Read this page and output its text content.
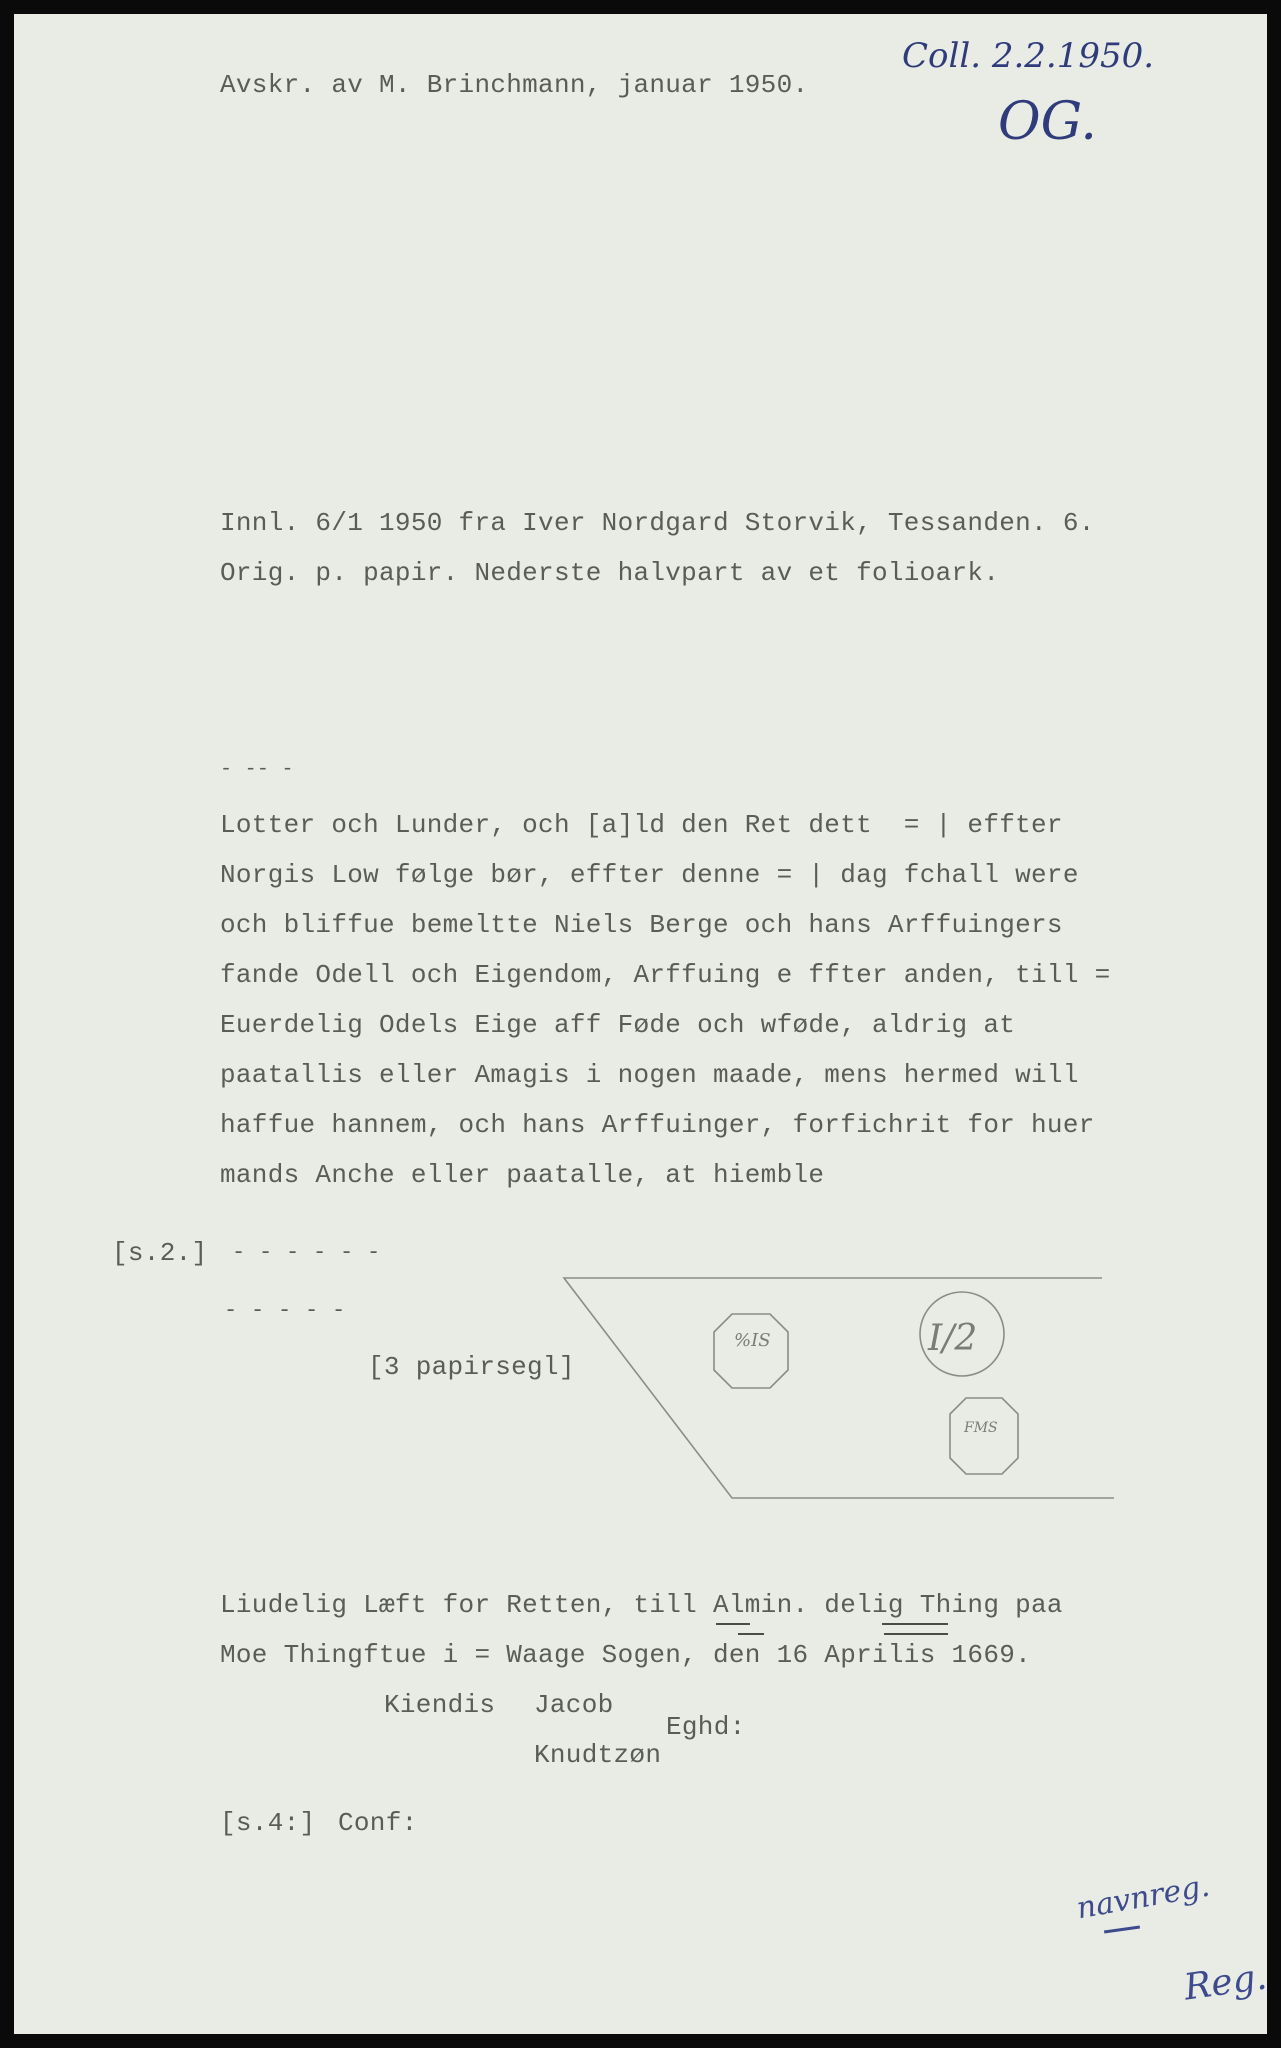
Avskr. av M. Brinchmann, januar 1950.
Coll. 2.2.1950.
OG.
Innl. 6/1 1950 fra Iver Nordgard Storvik, Tessanden. 6.
Orig. p. papir. Nederste halvpart av et folioark.
- -- -
Lotter och Lunder, och [a]ld den Ret dett  = | effter
Norgis Low følge bør, effter denne = | dag fchall were
och bliffue bemeltte Niels Berge och hans Arffuingers
fande Odell och Eigendom, Arffuing e ffter anden, till =
Euerdelig Odels Eige aff Føde och wføde, aldrig at
paatallis eller Amagis i nogen maade, mens hermed will
haffue hannem, och hans Arffuinger, forfichrit for huer
mands Anche eller paatalle, at hiemble
[s.2.] - - - - - -
- - - - -
[3 papirsegl]
%IS	I/2
FMS
Liudelig Læft for Retten, till Almin. delig Thing paa
Moe Thingftue i = Waage Sogen, den 16 Aprilis 1669.
Kiendis Jacob
Eghd:
Knudtzøn
[s.4:] Conf:
navnreg.
Reg.
